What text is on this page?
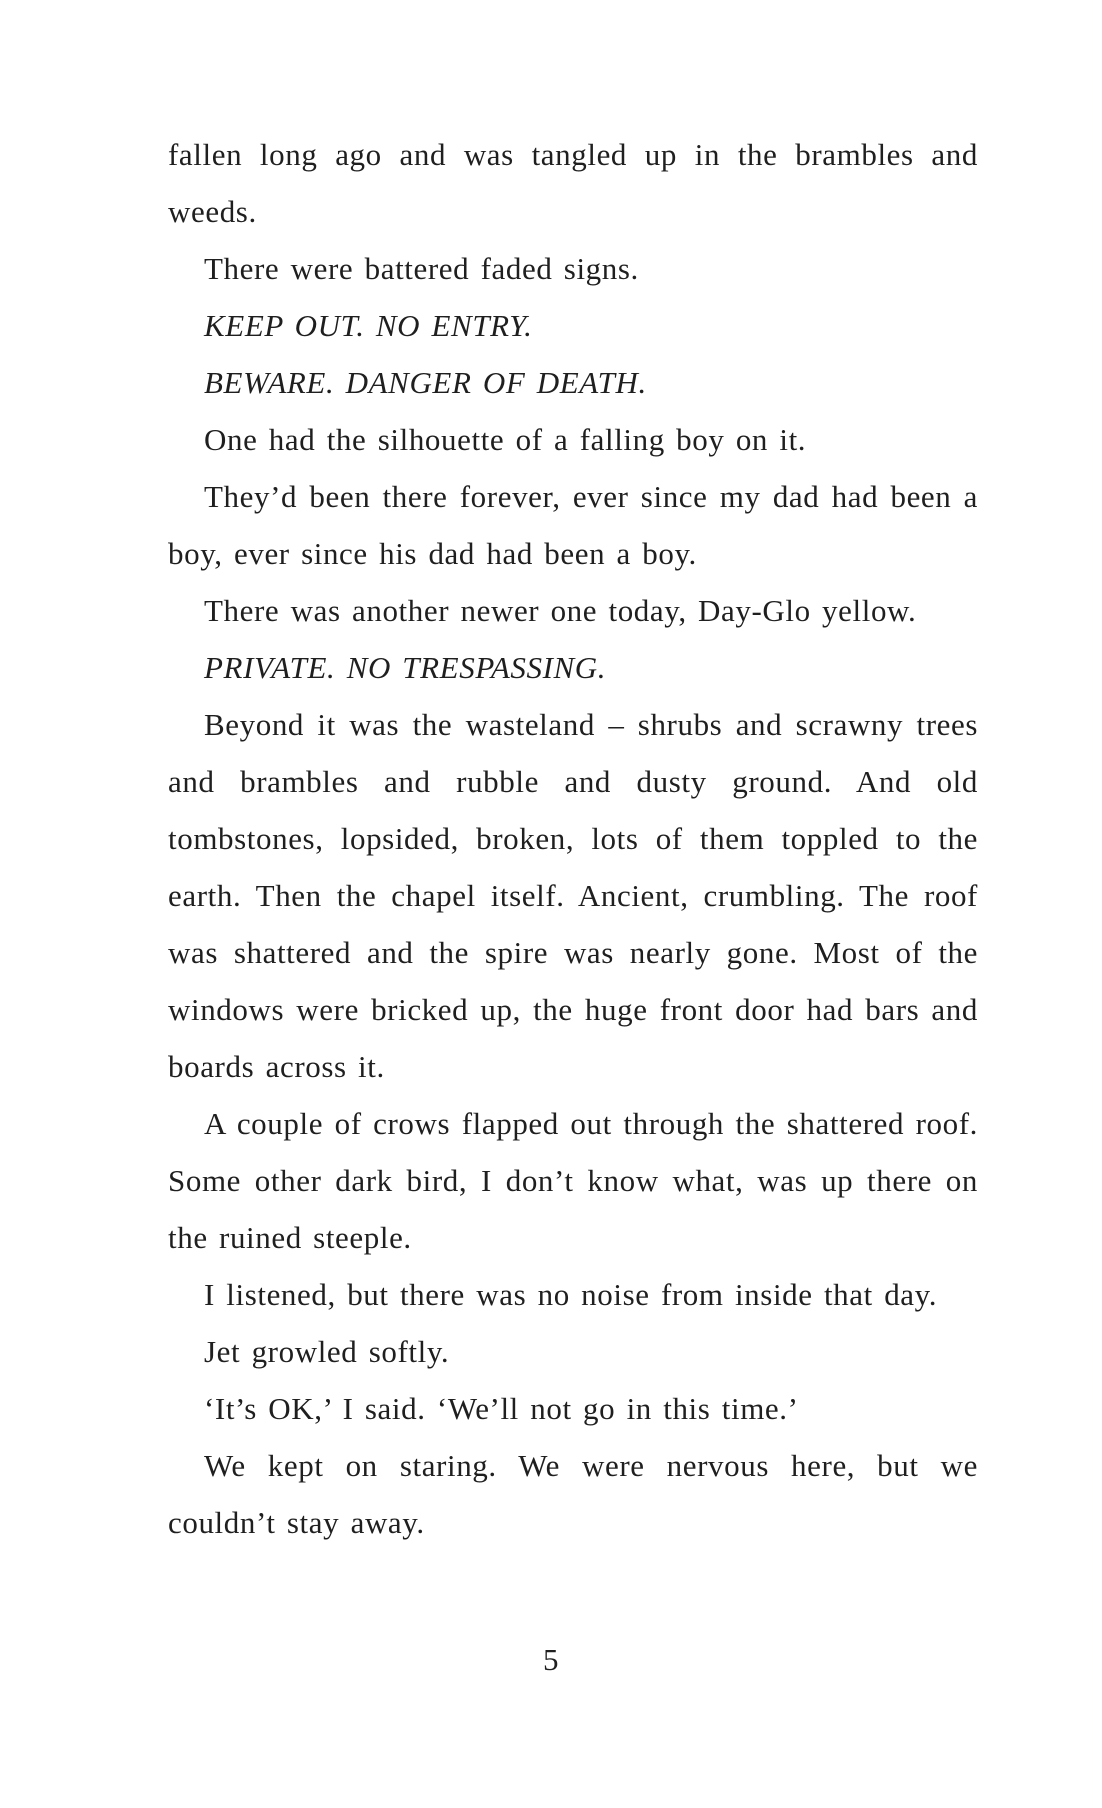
fallen long ago and was tangled up in the brambles and weeds.

There were battered faded signs.

KEEP OUT. NO ENTRY.

BEWARE. DANGER OF DEATH.

One had the silhouette of a falling boy on it.

They’d been there forever, ever since my dad had been a boy, ever since his dad had been a boy.

There was another newer one today, Day-Glo yellow.

PRIVATE. NO TRESPASSING.

Beyond it was the wasteland – shrubs and scrawny trees and brambles and rubble and dusty ground. And old tombstones, lopsided, broken, lots of them toppled to the earth. Then the chapel itself. Ancient, crumbling. The roof was shattered and the spire was nearly gone. Most of the windows were bricked up, the huge front door had bars and boards across it.

A couple of crows flapped out through the shattered roof. Some other dark bird, I don’t know what, was up there on the ruined steeple.

I listened, but there was no noise from inside that day.

Jet growled softly.

‘It’s OK,’ I said. ‘We’ll not go in this time.’

We kept on staring. We were nervous here, but we couldn’t stay away.

5
